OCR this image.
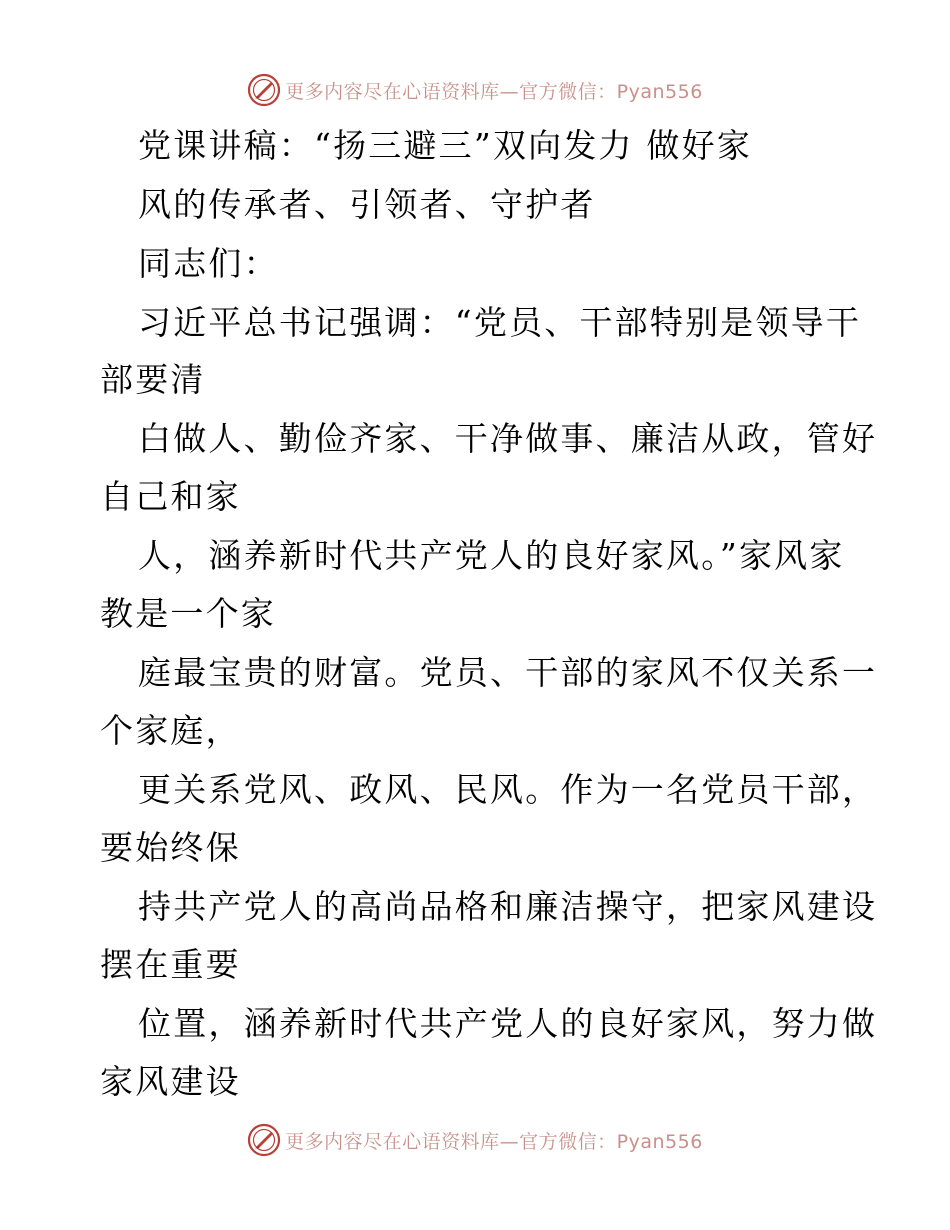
更多内容尽在心语资料库—官方微信：Pyan556
党课讲稿：“扬三避三”双向发力 做好家
风的传承者、引领者、守护者
同志们：
习近平总书记强调：“党员、干部特别是领导干
部要清
白做人、勤俭齐家、干净做事、廉洁从政，管好
自己和家
人，涵养新时代共产党人的良好家风。”家风家
教是一个家
庭最宝贵的财富。党员、干部的家风不仅关系一
个家庭，
更关系党风、政风、民风。作为一名党员干部，
要始终保
持共产党人的高尚品格和廉洁操守，把家风建设
摆在重要
位置，涵养新时代共产党人的良好家风，努力做
家风建设
更多内容尽在心语资料库—官方微信：Pyan556
